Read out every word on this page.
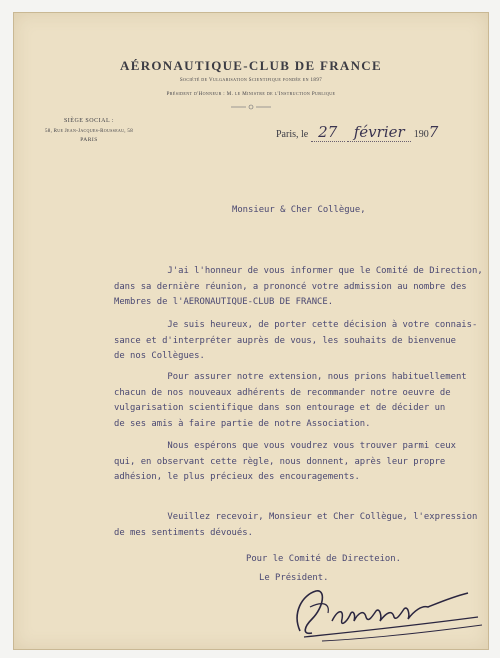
AÉRONAUTIQUE-CLUB DE FRANCE
Société de Vulgarisation Scientifique fondée en 1897
Président d'Honneur : M. le Ministre de l'Instruction Publique
SIÈGE SOCIAL :
58, Rue Jean-Jacques-Rousseau, 58
PARIS	Paris, le 27 février 1907
Monsieur & Cher Collègue,
J'ai l'honneur de vous informer que le Comité de Direction,
dans sa dernière réunion, a prononcé votre admission au nombre des
Membres de l'AERONAUTIQUE-CLUB DE FRANCE.
Je suis heureux, de porter cette décision à votre connais-
sance et d'interpréter auprès de vous, les souhaits de bienvenue
de nos Collègues.
Pour assurer notre extension, nous prions habituellement
chacun de nos nouveaux adhérents de recommander notre oeuvre de
vulgarisation scientifique dans son entourage et de décider un
de ses amis à faire partie de notre Association.
Nous espérons que vous voudrez vous trouver parmi ceux
qui, en observant cette règle, nous donnent, après leur propre
adhésion, le plus précieux des encouragements.
Veuillez recevoir, Monsieur et Cher Collègue, l'expression
de mes sentiments dévoués.
Pour le Comité de Directeion.
Le Président.
